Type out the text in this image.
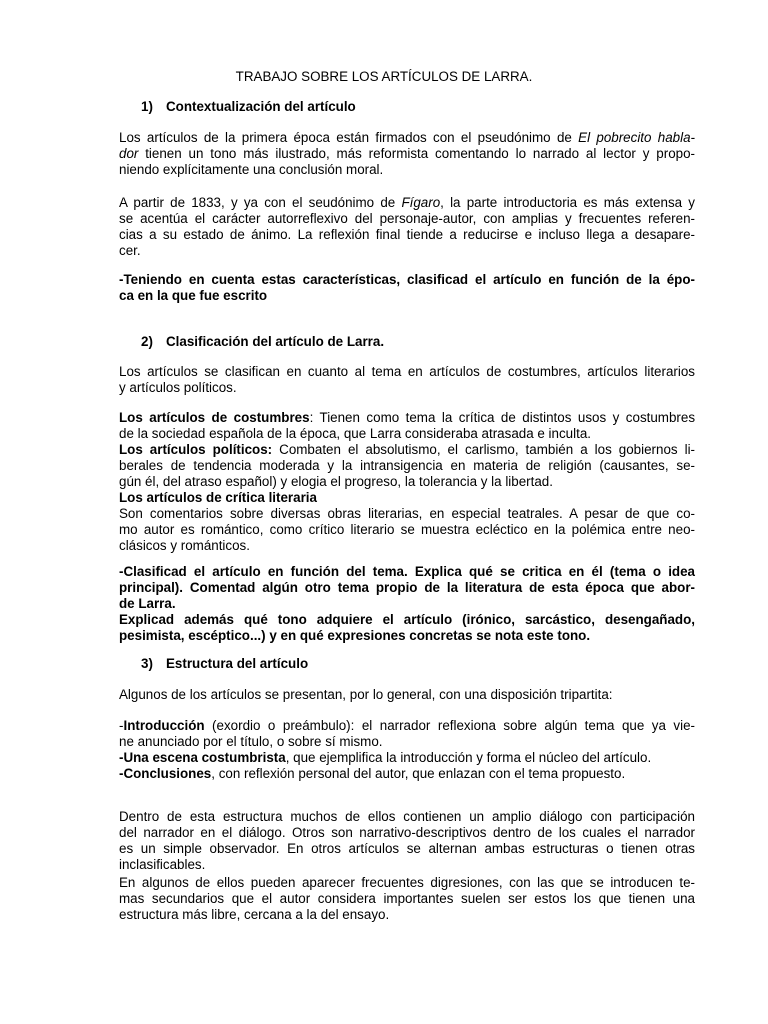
TRABAJO SOBRE LOS ARTÍCULOS DE LARRA.
1) Contextualización del artículo
Los artículos de la primera época están firmados con el pseudónimo de El pobrecito habla-
dor tienen un tono más ilustrado, más reformista comentando lo narrado al lector y propo-
niendo explícitamente una conclusión moral.
A partir de 1833, y ya con el seudónimo de Fígaro, la parte introductoria es más extensa y
se acentúa el carácter autorreflexivo del personaje-autor, con amplias y frecuentes referen-
cias a su estado de ánimo. La reflexión final tiende a reducirse e incluso llega a desapare-
cer.
-Teniendo en cuenta estas características, clasificad el artículo en función de la épo-
ca en la que fue escrito
2) Clasificación del artículo de Larra.
Los artículos se clasifican en cuanto al tema en artículos de costumbres, artículos literarios
y artículos políticos.
Los artículos de costumbres: Tienen como tema la crítica de distintos usos y costumbres
de la sociedad española de la época, que Larra consideraba atrasada e inculta.
Los artículos políticos: Combaten el absolutismo, el carlismo, también a los gobiernos li-
berales de tendencia moderada y la intransigencia en materia de religión (causantes, se-
gún él, del atraso español) y elogia el progreso, la tolerancia y la libertad.
Los artículos de crítica literaria
Son comentarios sobre diversas obras literarias, en especial teatrales. A pesar de que co-
mo autor es romántico, como crítico literario se muestra ecléctico en la polémica entre neo-
clásicos y románticos.
-Clasificad el artículo en función del tema. Explica qué se critica en él (tema o idea
principal). Comentad algún otro tema propio de la literatura de esta época que abor-
de Larra.
Explicad además qué tono adquiere el artículo (irónico, sarcástico, desengañado,
pesimista, escéptico...) y en qué expresiones concretas se nota este tono.
3) Estructura del artículo
Algunos de los artículos se presentan, por lo general, con una disposición tripartita:
-Introducción (exordio o preámbulo): el narrador reflexiona sobre algún tema que ya vie-
ne anunciado por el título, o sobre sí mismo.
-Una escena costumbrista, que ejemplifica la introducción y forma el núcleo del artículo.
-Conclusiones, con reflexión personal del autor, que enlazan con el tema propuesto.
Dentro de esta estructura muchos de ellos contienen un amplio diálogo con participación
del narrador en el diálogo. Otros son narrativo-descriptivos dentro de los cuales el narrador
es un simple observador. En otros artículos se alternan ambas estructuras o tienen otras
inclasificables.
En algunos de ellos pueden aparecer frecuentes digresiones, con las que se introducen te-
mas secundarios que el autor considera importantes suelen ser estos los que tienen una
estructura más libre, cercana a la del ensayo.
